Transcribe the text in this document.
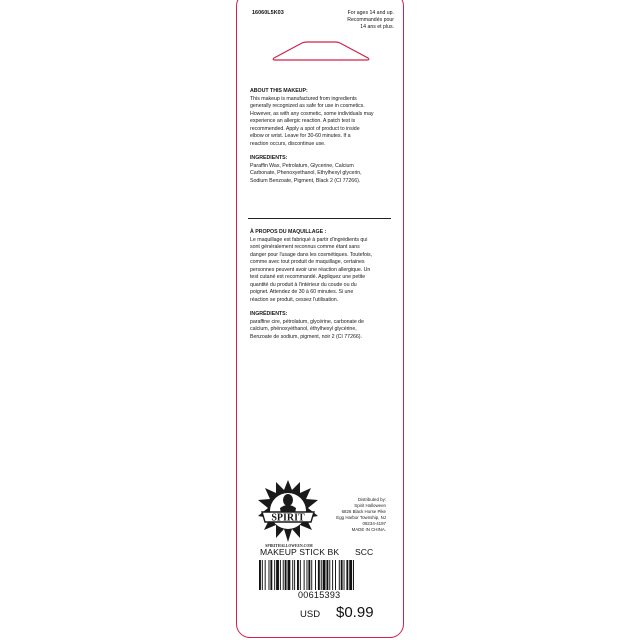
16060L5K03	For ages 14 and up.
Recommandés pour
14 ans et plus.
ABOUT THIS MAKEUP:
This makeup is manufactured from ingredients
generally recognized as safe for use in cosmetics.
However, as with any cosmetic, some individuals may
experience an allergic reaction. A patch test is
recommended. Apply a spot of product to inside
elbow or wrist. Leave for 30-60 minutes. If a
reaction occurs, discontinue use.
INGREDIENTS:
Paraffin Wax, Petrolatum, Glycerine, Calcium
Carbonate, Phenoxyethanol, Ethylhexyl glycerin,
Sodium Benzoate, Pigment, Black 2 (CI 77266).
À PROPOS DU MAQUILLAGE :
Le maquillage est fabriqué à partir d'ingrédients qui
sont généralement reconnus comme étant sans
danger pour l'usage dans les cosmétiques. Toutefois,
comme avec tout produit de maquillage, certaines
personnes peuvent avoir une réaction allergique. Un
test cutané est recommandé. Appliquez une petite
quantité du produit à l'intérieur du coude ou du
poignet. Attendez de 30 à 60 minutes. Si une
réaction se produit, cessez l'utilisation.
INGRÉDIENTS:
paraffine cire, pétrolatum, glycérine, carbonate de
calcium, phénoxyéthanol, éthylhexyl glycérine,
Benzoate de sodium, pigment, noir 2 (CI 77266).
SPIRIT
SPIRITHALLOWEEN.COM
Distributed by:
Spirit Halloween
6826 Black Horse Pike
Egg Harbor Township, NJ
08234-4197
MADE IN CHINA.
MAKEUP STICK BK SCC
00615393
USD $0.99
